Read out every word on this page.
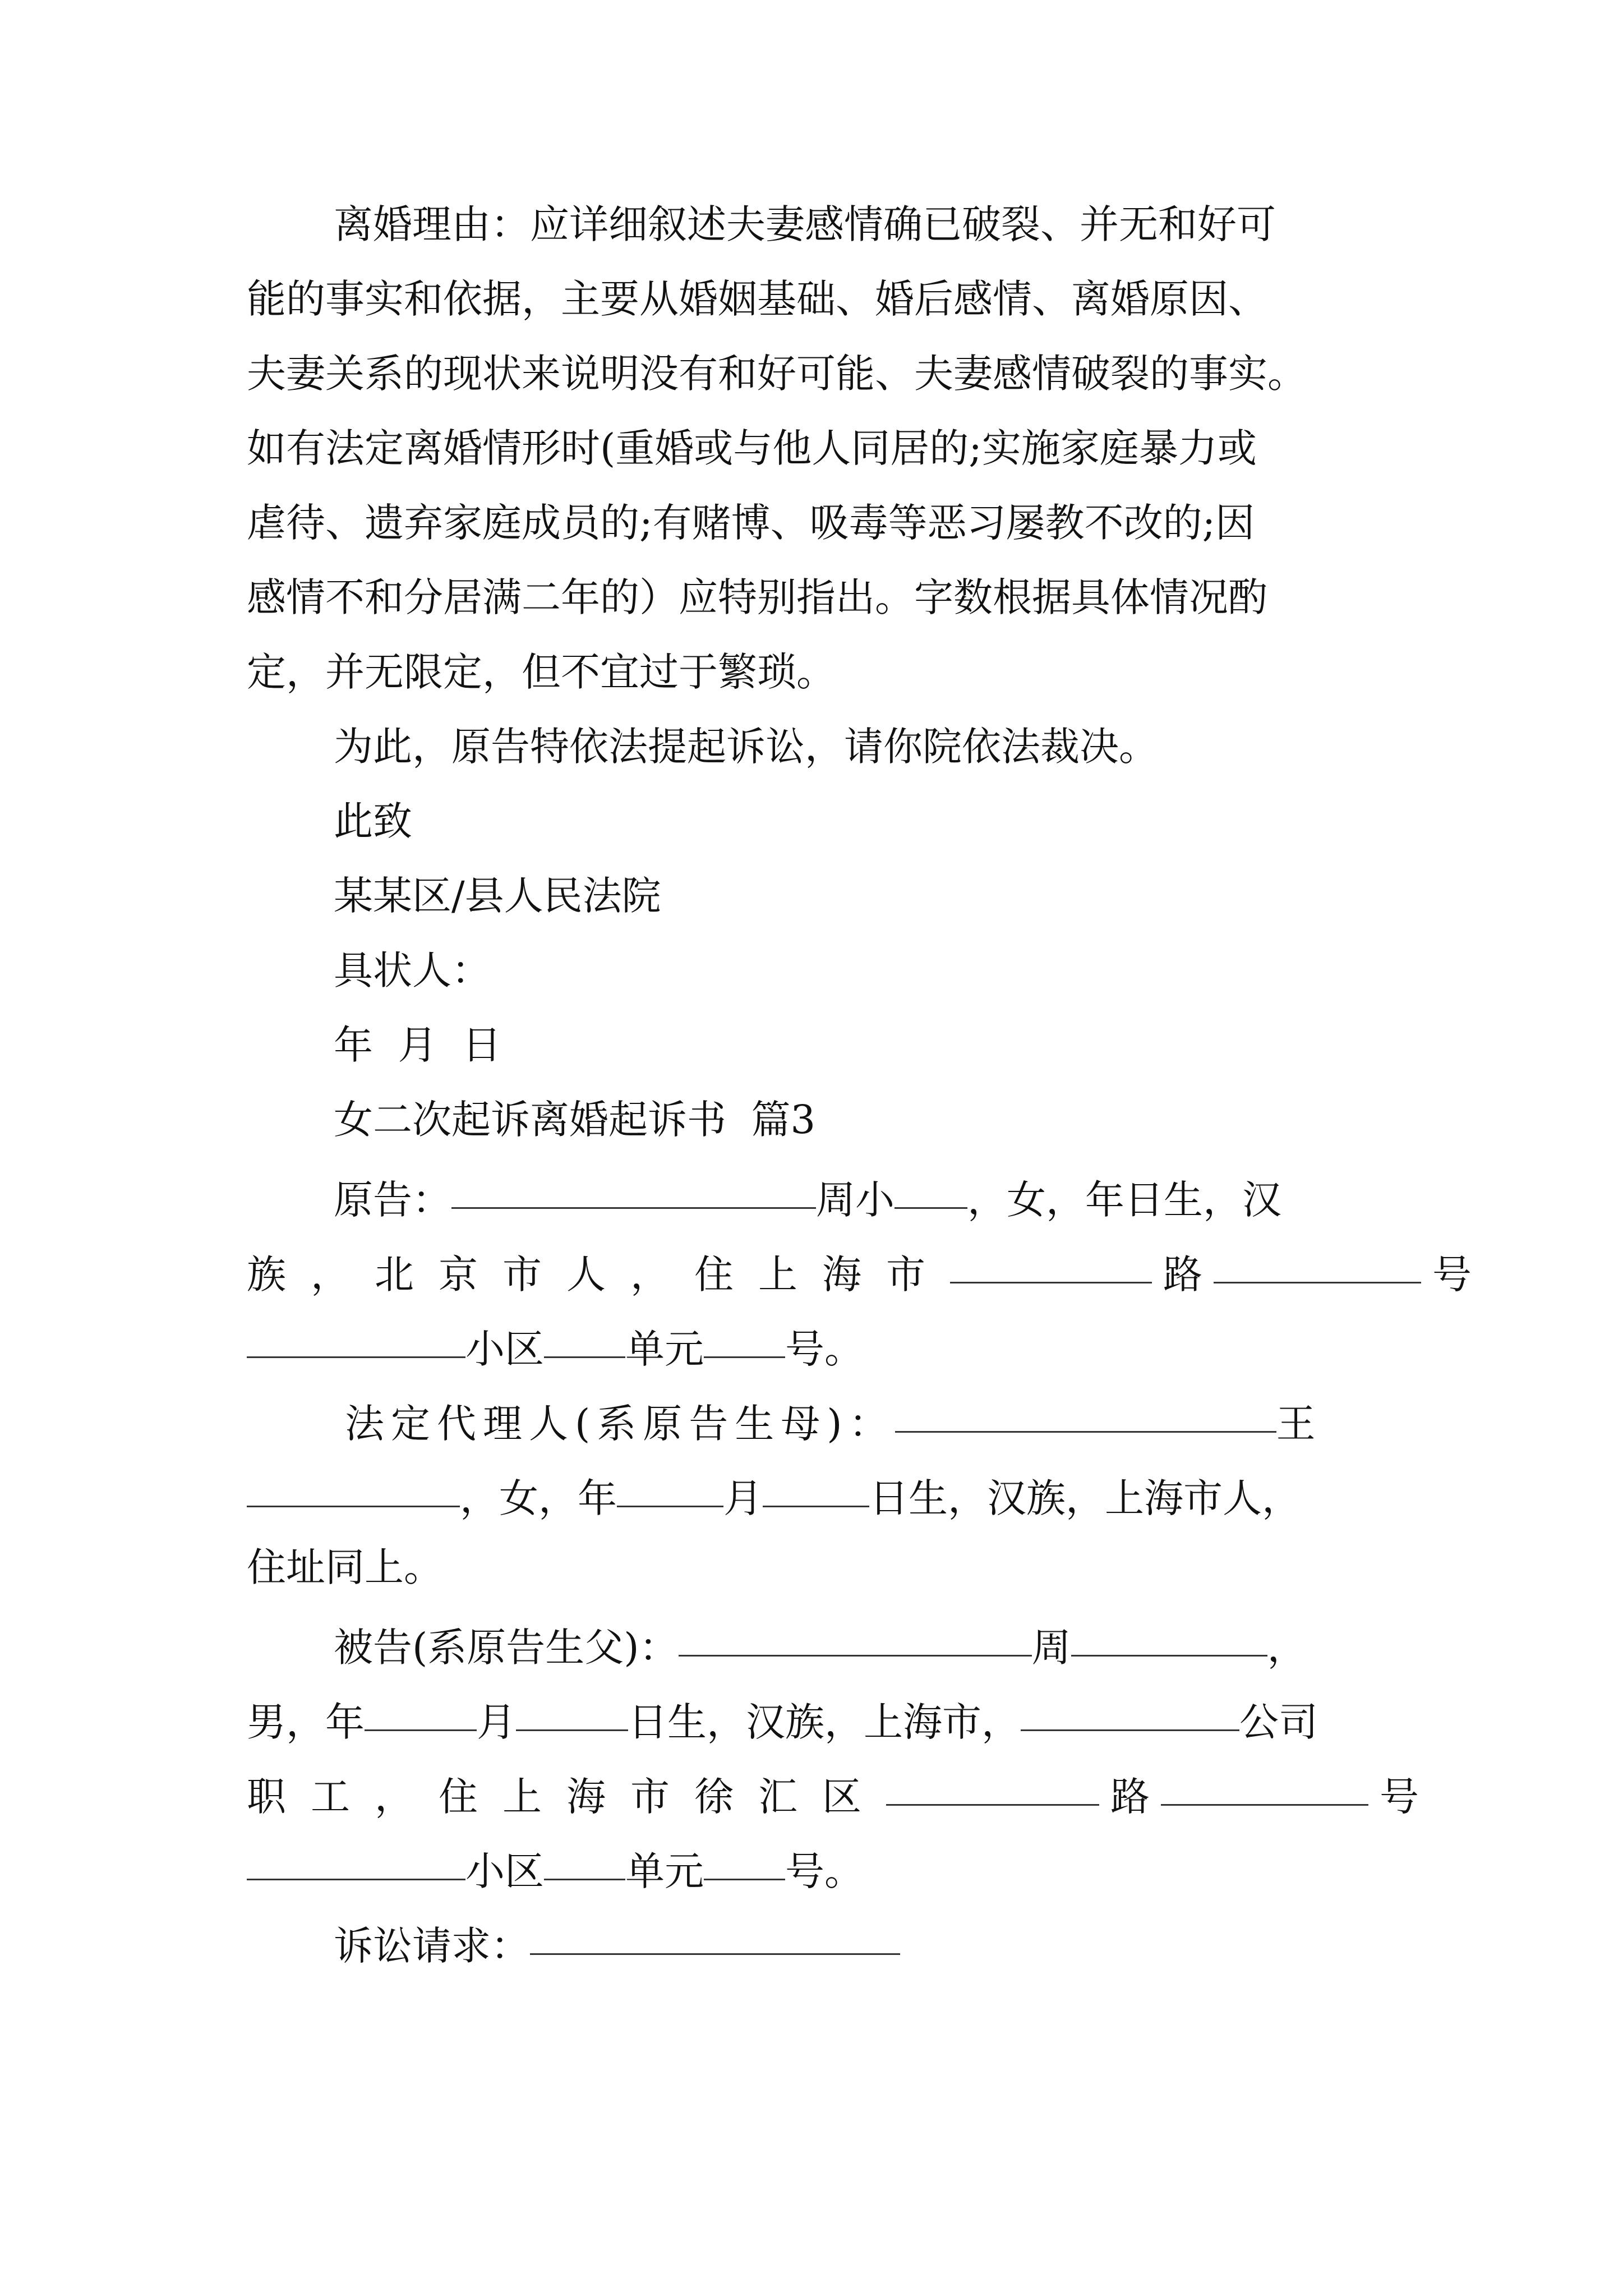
离婚理由：应详细叙述夫妻感情确已破裂、并无和好可
能的事实和依据，主要从婚姻基础、婚后感情、离婚原因、
夫妻关系的现状来说明没有和好可能、夫妻感情破裂的事实。
如有法定离婚情形时(重婚或与他人同居的;实施家庭暴力或
虐待、遗弃家庭成员的;有赌博、吸毒等恶习屡教不改的;因
感情不和分居满二年的）应特别指出。字数根据具体情况酌
定，并无限定，但不宜过于繁琐。
为此，原告特依法提起诉讼，请你院依法裁决。
此致
某某区/县人民法院
具状人：
年  月  日
女二次起诉离婚起诉书  篇3
原告：	周小 ，女，年日生，汉
族，北京市人，住上海市	路	号
小区 单元 号。
法定代理人(系原告生母)：	王
，女，年	月	日生，汉族，上海市人，
住址同上。
被告(系原告生父)：	周	，
男，年	月	日生，汉族，上海市，	公司
职工，住上海市徐汇区	路	号
小区 单元 号。
诉讼请求：
